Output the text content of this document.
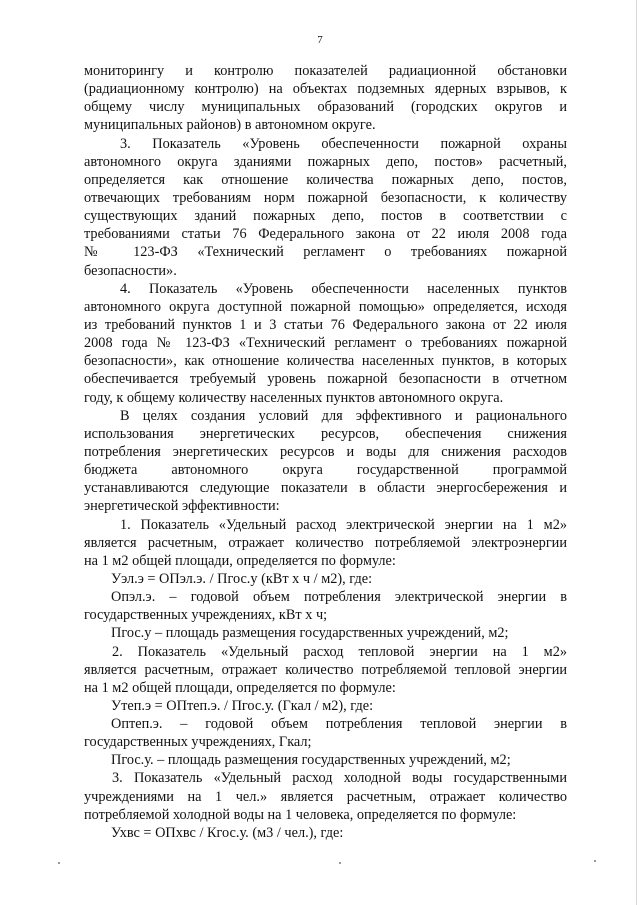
7
мониторингу и контролю показателей радиационной обстановки
(радиационному контролю) на объектах подземных ядерных взрывов, к
общему числу муниципальных образований (городских округов и
муниципальных районов) в автономном округе.
3. Показатель «Уровень обеспеченности пожарной охраны
автономного округа зданиями пожарных депо, постов» расчетный,
определяется как отношение количества пожарных депо, постов,
отвечающих требованиям норм пожарной безопасности, к количеству
существующих зданий пожарных депо, постов в соответствии с
требованиями статьи 76 Федерального закона от 22 июля 2008 года
№ 123-ФЗ «Технический регламент о требованиях пожарной
безопасности».
4. Показатель «Уровень обеспеченности населенных пунктов
автономного округа доступной пожарной помощью» определяется, исходя
из требований пунктов 1 и 3 статьи 76 Федерального закона от 22 июля
2008 года № 123-ФЗ «Технический регламент о требованиях пожарной
безопасности», как отношение количества населенных пунктов, в которых
обеспечивается требуемый уровень пожарной безопасности в отчетном
году, к общему количеству населенных пунктов автономного округа.
В целях создания условий для эффективного и рационального
использования энергетических ресурсов, обеспечения снижения
потребления энергетических ресурсов и воды для снижения расходов
бюджета автономного округа государственной программой
устанавливаются следующие показатели в области энергосбережения и
энергетической эффективности:
1. Показатель «Удельный расход электрической энергии на 1 м2»
является расчетным, отражает количество потребляемой электроэнергии
на 1 м2 общей площади, определяется по формуле:
Уэл.э = ОПэл.э. / Пгос.у (кВт х ч / м2), где:
Опэл.э. – годовой объем потребления электрической энергии в
государственных учреждениях, кВт х ч;
Пгос.у – площадь размещения государственных учреждений, м2;
2. Показатель «Удельный расход тепловой энергии на 1 м2»
является расчетным, отражает количество потребляемой тепловой энергии
на 1 м2 общей площади, определяется по формуле:
Утеп.э = ОПтеп.э. / Пгос.у. (Гкал / м2), где:
Оптеп.э. – годовой объем потребления тепловой энергии в
государственных учреждениях, Гкал;
Пгос.у. – площадь размещения государственных учреждений, м2;
3. Показатель «Удельный расход холодной воды государственными
учреждениями на 1 чел.» является расчетным, отражает количество
потребляемой холодной воды на 1 человека, определяется по формуле:
Ухвс = ОПхвс / Кгос.у. (м3 / чел.), где:
